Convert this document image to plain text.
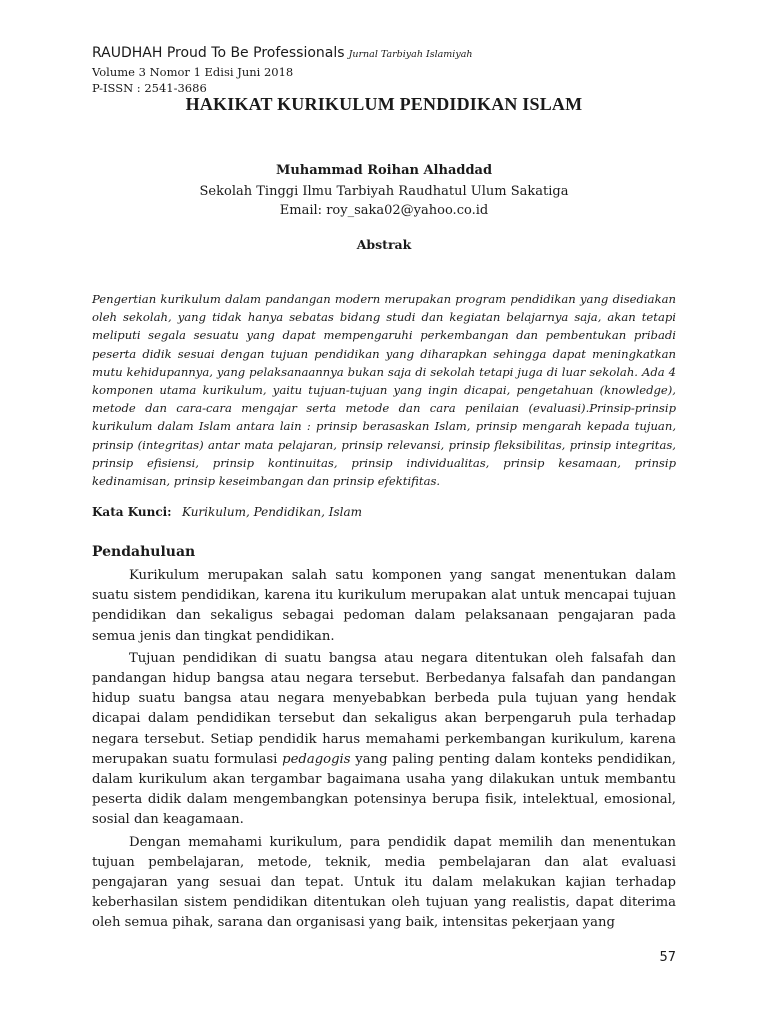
RAUDHAH Proud To Be Professionals Jurnal Tarbiyah Islamiyah
Volume 3 Nomor 1 Edisi Juni 2018
P-ISSN : 2541-3686
HAKIKAT KURIKULUM PENDIDIKAN ISLAM
Muhammad Roihan Alhaddad
Sekolah Tinggi Ilmu Tarbiyah Raudhatul Ulum Sakatiga
Email: roy_saka02@yahoo.co.id
Abstrak
Pengertian kurikulum dalam pandangan modern merupakan program pendidikan yang disediakan oleh sekolah, yang tidak hanya sebatas bidang studi dan kegiatan belajarnya saja, akan tetapi meliputi segala sesuatu yang dapat mempengaruhi perkembangan dan pembentukan pribadi peserta didik sesuai dengan tujuan pendidikan yang diharapkan sehingga dapat meningkatkan mutu kehidupannya, yang pelaksanaannya bukan saja di sekolah tetapi juga di luar sekolah. Ada 4 komponen utama kurikulum, yaitu tujuan-tujuan yang ingin dicapai, pengetahuan (knowledge), metode dan cara-cara mengajar serta metode dan cara penilaian (evaluasi).Prinsip-prinsip kurikulum dalam Islam antara lain : prinsip berasaskan Islam, prinsip mengarah kepada tujuan, prinsip (integritas) antar mata pelajaran, prinsip relevansi, prinsip fleksibilitas, prinsip integritas, prinsip efisiensi, prinsip kontinuitas, prinsip individualitas, prinsip kesamaan, prinsip kedinamisan, prinsip keseimbangan dan prinsip efektifitas.
Kata Kunci: Kurikulum, Pendidikan, Islam
Pendahuluan

Kurikulum merupakan salah satu komponen yang sangat menentukan dalam suatu sistem pendidikan, karena itu kurikulum merupakan alat untuk mencapai tujuan pendidikan dan sekaligus sebagai pedoman dalam pelaksanaan pengajaran pada semua jenis dan tingkat pendidikan.

Tujuan pendidikan di suatu bangsa atau negara ditentukan oleh falsafah dan pandangan hidup bangsa atau negara tersebut. Berbedanya falsafah dan pandangan hidup suatu bangsa atau negara menyebabkan berbeda pula tujuan yang hendak dicapai dalam pendidikan tersebut dan sekaligus akan berpengaruh pula terhadap negara tersebut. Setiap pendidik harus memahami perkembangan kurikulum, karena merupakan suatu formulasi pedagogis yang paling penting dalam konteks pendidikan, dalam kurikulum akan tergambar bagaimana usaha yang dilakukan untuk membantu peserta didik dalam mengembangkan potensinya berupa fisik, intelektual, emosional, sosial dan keagamaan.

Dengan memahami kurikulum, para pendidik dapat memilih dan menentukan tujuan pembelajaran, metode, teknik, media pembelajaran dan alat evaluasi pengajaran yang sesuai dan tepat. Untuk itu dalam melakukan kajian terhadap keberhasilan sistem pendidikan ditentukan oleh tujuan yang realistis, dapat diterima oleh semua pihak, sarana dan organisasi yang baik, intensitas pekerjaan yang

57
